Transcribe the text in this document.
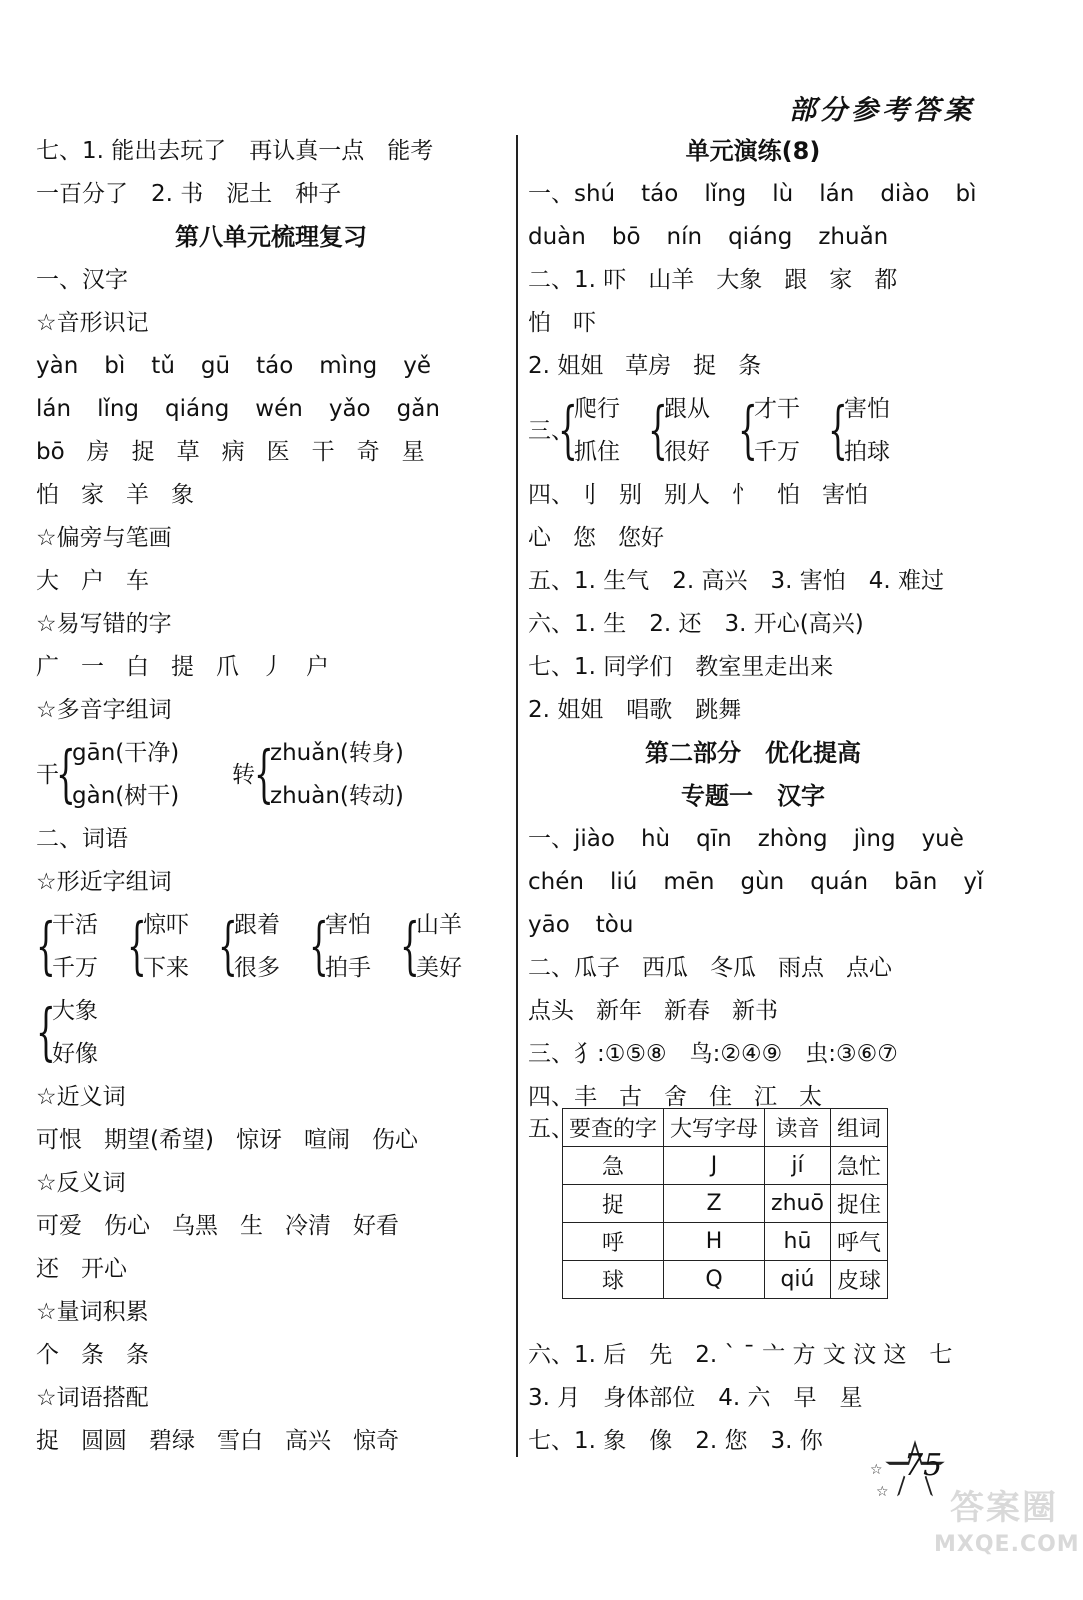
部分参考答案
七、1. 能出去玩了　再认真一点　能考
一百分了　2. 书　泥土　种子
第八单元梳理复习
一、汉字
☆音形识记
yàn bì tǔ gū táo mìng yě
lán lǐng qiáng wén yǎo gǎn
bō 房 捉 草 病 医 干 奇 星
怕 家 羊 象
☆偏旁与笔画
大 户 车
☆易写错的字
广 一 白 提 爪 丿 户
☆多音字组词
干
{ gān(干净)
gàn(树干)
转
{ zhuǎn(转身)
zhuàn(转动)
二、词语
☆形近字组词
{ 干活
千万
{ 惊吓
下来
{ 跟着
很多
{ 害怕
拍手
{ 山羊
美好
{ 大象
好像
☆近义词
可恨 期望(希望) 惊讶 喧闹 伤心
☆反义词
可爱 伤心 乌黑 生 冷清 好看
还 开心
☆量词积累
个 条 条
☆词语搭配
捉 圆圆 碧绿 雪白 高兴 惊奇
单元演练(8)
一、shú táo lǐng lù lán diào bì
duàn bō nín qiáng zhuǎn
二、1. 吓 山羊 大象 跟 家 都
怕 吓
2. 姐姐 草房 捉 条
三、
{ 爬行
抓住
{ 跟从
很好
{ 才干
千万
{ 害怕
拍球
四、刂 别 别人 忄 怕 害怕
心 您 您好
五、1. 生气　2. 高兴　3. 害怕　4. 难过
六、1. 生　2. 还　3. 开心(高兴)
七、1. 同学们　教室里走出来
2. 姐姐　唱歌　跳舞
第二部分　优化提高
专题一　汉字
一、jiào hù qīn zhòng jìng yuè
chén liú mēn gùn quán bān yǐ
yāo tòu
二、瓜子 西瓜 冬瓜 雨点 点心
点头 新年 新春 新书
三、犭:①⑤⑧　鸟:②④⑨　虫:③⑥⑦
四、丰 古 舍 住 江 太
六、1. 后　先　2. ` ˉ 亠 方 文 汶 这　七
3. 月　身体部位　4. 六　早　星
七、1. 象　像　2. 您　3. 你
75
☆
☆ 答案圈
MXQE.COM
五、
要查的字	大写字母	读音	组词
急	J	jí	急忙
捉	Z	zhuō	捉住
呼	H	hū	呼气
球	Q	qiú	皮球
